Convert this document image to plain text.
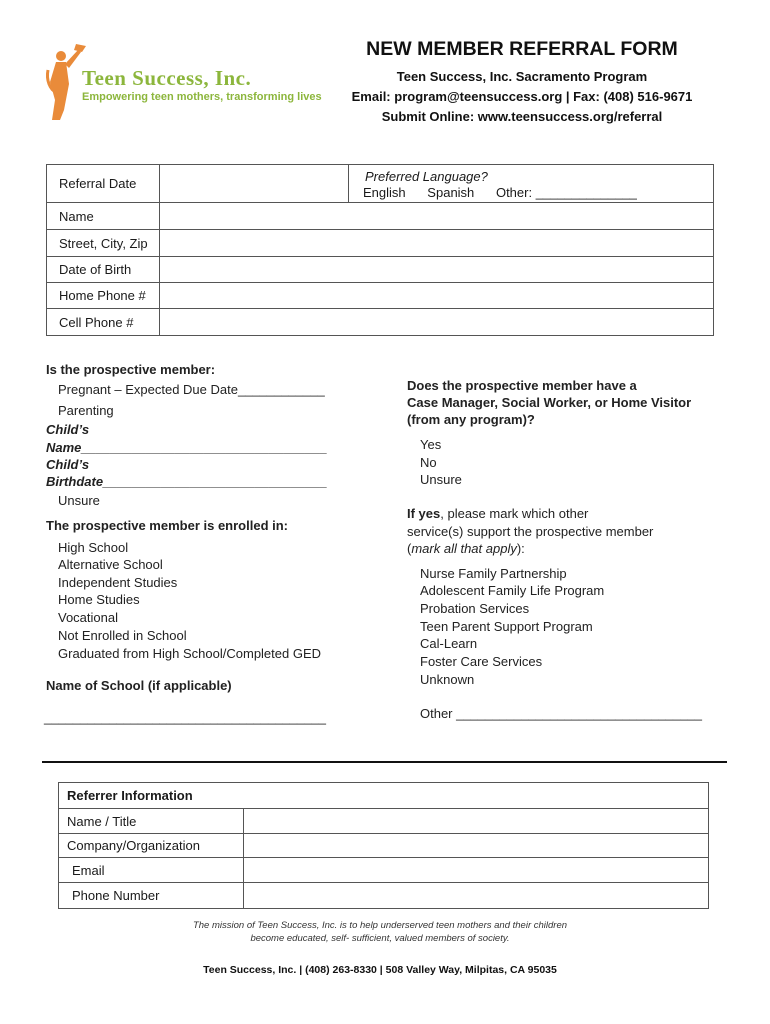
Teen Success, Inc.
Empowering teen mothers, transforming lives
NEW MEMBER REFERRAL FORM
Teen Success, Inc. Sacramento Program
Email: program@teensuccess.org | Fax: (408) 516-9671
Submit Online: www.teensuccess.org/referral
Referral Date		Preferred Language?
English      Spanish      Other: ______________

Name		
Street, City, Zip		
Date of Birth		
Home Phone #		
Cell Phone #		
Is the prospective member:
Pregnant – Expected Due Date____________
Parenting
Child’s
Name__________________________________
Child’s
Birthdate_______________________________
Unsure
The prospective member is enrolled in:
High School
Alternative School
Independent Studies
Home Studies
Vocational
Not Enrolled in School
Graduated from High School/Completed GED
Name of School (if applicable)
_______________________________________
Does the prospective member have a
Case Manager, Social Worker, or Home Visitor
(from any program)?
Yes
No
Unsure
If yes, please mark which other
service(s) support the prospective member
(mark all that apply):
Nurse Family Partnership
Adolescent Family Life Program
Probation Services
Teen Parent Support Program
Cal-Learn
Foster Care Services
Unknown
Other __________________________________
Referrer Information	
Name / Title	
Company/Organization	
Email	
Phone Number	
The mission of Teen Success, Inc. is to help underserved teen mothers and their children
become educated, self- sufficient, valued members of society.
Teen Success, Inc. | (408) 263-8330 | 508 Valley Way, Milpitas, CA 95035
